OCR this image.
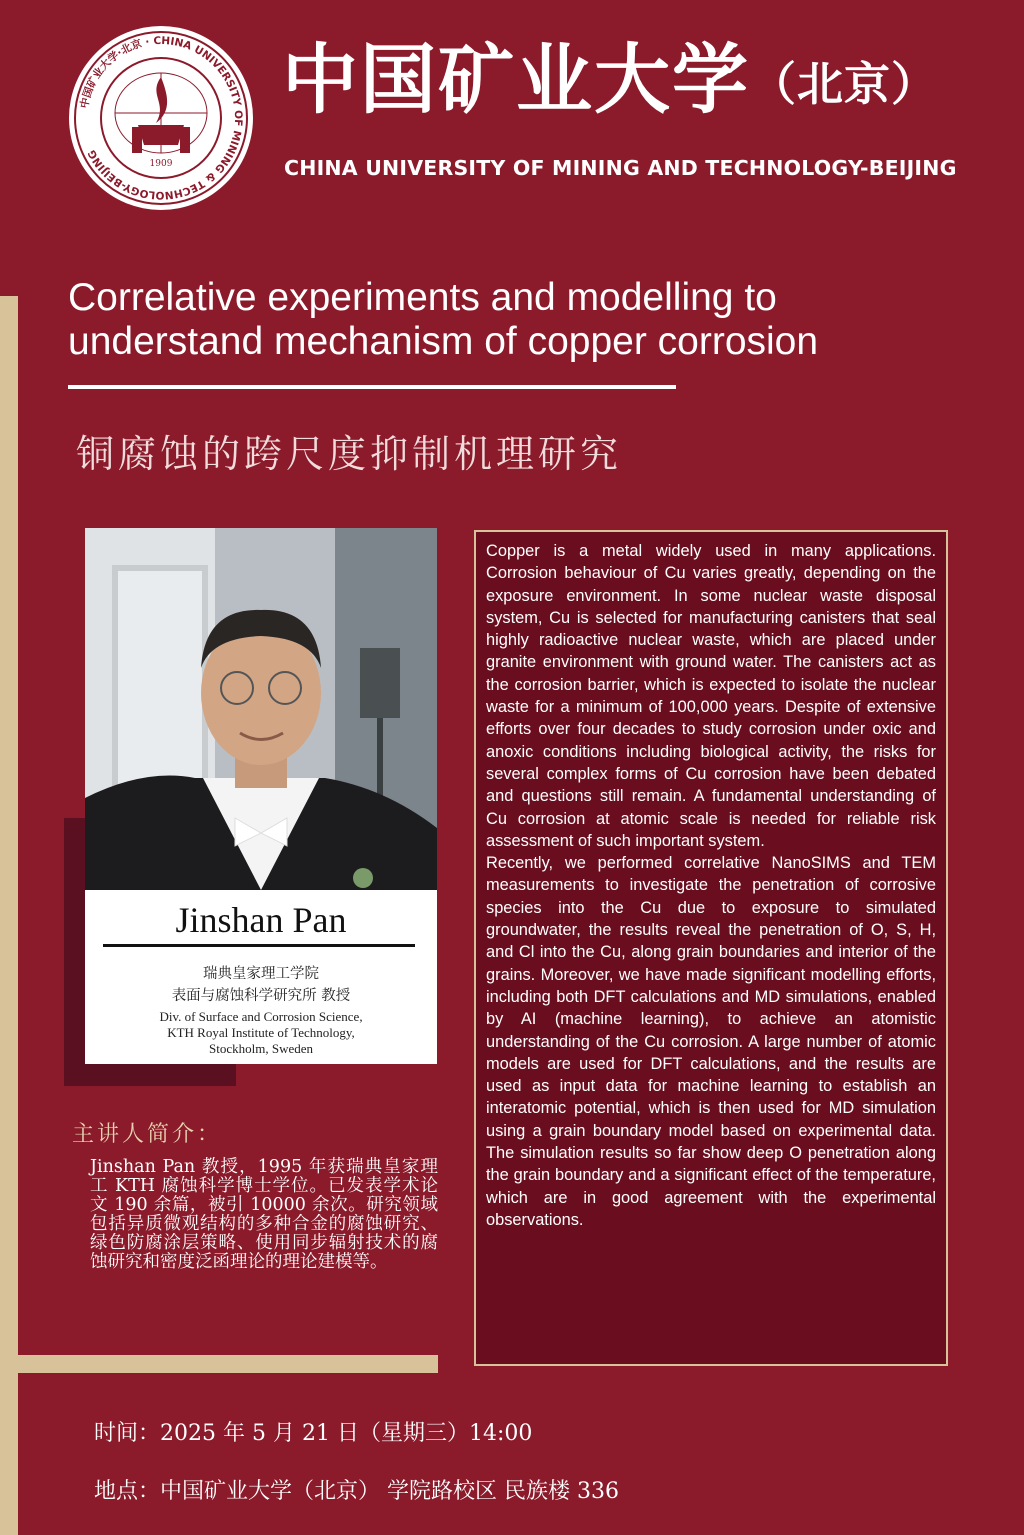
中国矿业大学·北京 · CHINA UNIVERSITY OF MINING & TECHNOLOGY-BEIJING
1909
中国矿业大学（北京）
CHINA UNIVERSITY OF MINING AND TECHNOLOGY-BEIJING
Correlative experiments and modelling to
understand mechanism of copper corrosion
铜腐蚀的跨尺度抑制机理研究
Jinshan Pan
瑞典皇家理工学院
表面与腐蚀科学研究所 教授
Div. of Surface and Corrosion Science,
KTH Royal Institute of Technology,
Stockholm, Sweden
主讲人简介：
Jinshan Pan 教授，1995 年获瑞典皇家理工 KTH 腐蚀科学博士学位。已发表学术论文 190 余篇，被引 10000 余次。研究领域包括异质微观结构的多种合金的腐蚀研究、绿色防腐涂层策略、使用同步辐射技术的腐蚀研究和密度泛函理论的理论建模等。

Copper is a metal widely used in many applications. Corrosion behaviour of Cu varies greatly, depending on the exposure environment. In some nuclear waste disposal system, Cu is selected for manufacturing canisters that seal highly radioactive nuclear waste, which are placed under granite environment with ground water. The canisters act as the corrosion barrier, which is expected to isolate the nuclear waste for a minimum of 100,000 years. Despite of extensive efforts over four decades to study corrosion under oxic and anoxic conditions including biological activity, the risks for several complex forms of Cu corrosion have been debated and questions still remain. A fundamental understanding of Cu corrosion at atomic scale is needed for reliable risk assessment of such important system.

Recently, we performed correlative NanoSIMS and TEM measurements to investigate the penetration of corrosive species into the Cu due to exposure to simulated groundwater, the results reveal the penetration of O, S, H, and Cl into the Cu, along grain boundaries and interior of the grains. Moreover, we have made significant modelling efforts, including both DFT calculations and MD simulations, enabled by AI (machine learning), to achieve an atomistic understanding of the Cu corrosion. A large number of atomic models are used for DFT calculations, and the results are used as input data for machine learning to establish an interatomic potential, which is then used for MD simulation using a grain boundary model based on experimental data. The simulation results so far show deep O penetration along the grain boundary and a significant effect of the temperature, which are in good agreement with the experimental observations.

时间：2025 年 5 月 21 日（星期三）14:00
地点：中国矿业大学（北京） 学院路校区 民族楼 336
